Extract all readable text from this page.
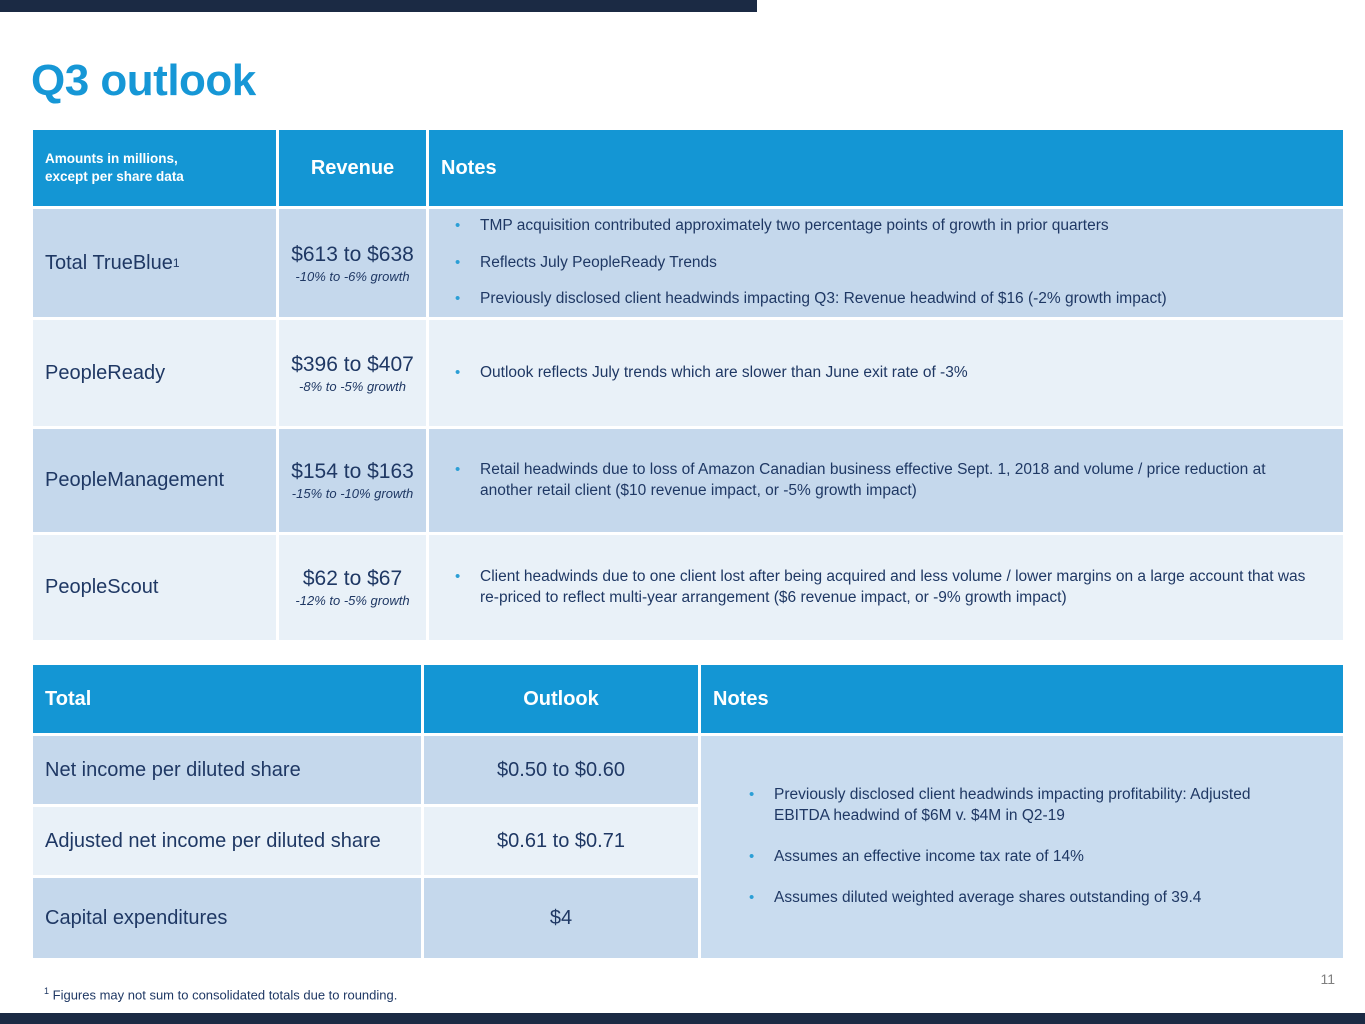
Q3 outlook
Amounts in millions, except per share data	Revenue	Notes
Total TrueBlue 1	$613 to $638
-10% to -6% growth
•	TMP acquisition contributed approximately two percentage points of growth in prior quarters
•	Reflects July PeopleReady Trends
•	Previously disclosed client headwinds impacting Q3: Revenue headwind of $16 (-2% growth impact)
PeopleReady	$396 to $407
-8% to -5% growth
•	Outlook reflects July trends which are slower than June exit rate of -3%
PeopleManagement	$154 to $163
-15% to -10% growth
•	Retail headwinds due to loss of Amazon Canadian business effective Sept. 1, 2018 and volume / price reduction at another retail client ($10 revenue impact, or -5% growth impact)
PeopleScout	$62 to $67
-12% to -5% growth
•	Client headwinds due to one client lost after being acquired and less volume / lower margins on a large account that was re-priced to reflect multi-year arrangement ($6 revenue impact, or -9% growth impact)
Total	Outlook	Notes
Net income per diluted share	$0.50 to $0.60
Adjusted net income per diluted share	$0.61 to $0.71
Capital expenditures	$4
•	Previously disclosed client headwinds impacting profitability: Adjusted EBITDA headwind of $6M v. $4M in Q2-19
•	Assumes an effective income tax rate of 14%
•	Assumes diluted weighted average shares outstanding of 39.4
$^1$ Figures may not sum to consolidated totals due to rounding.
11
